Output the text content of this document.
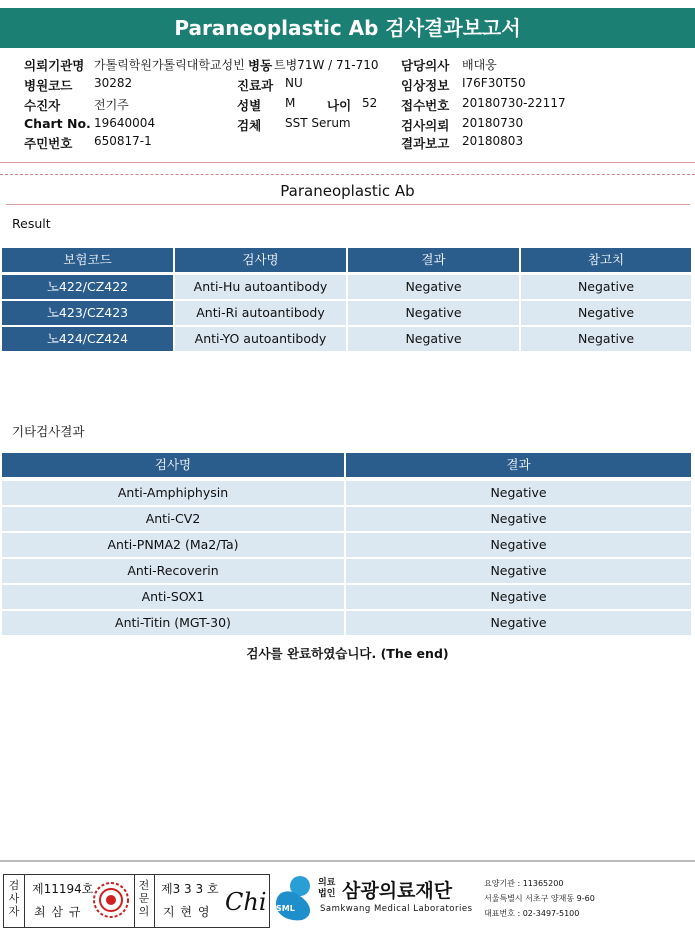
Paraneoplastic Ab 검사결과보고서
의뢰기관명 가톨릭학원가톨릭대학교성빈 병동 트병71W / 71-710 담당의사 배대웅
병원코드 30282	진료과 NU	임상정보 I76F30T50
수진자	전기주	성별 M	나이 52 접수번호 20180730-22117
Chart No. 19640004	검체 SST Serum	검사의뢰 20180730
주민번호 650817-1	결과보고 20180803
Paraneoplastic Ab
Result
보험코드	검사명	결과	참고치
노422/CZ422	Anti-Hu autoantibody	Negative	Negative
노423/CZ423	Anti-Ri autoantibody	Negative	Negative
노424/CZ424	Anti-YO autoantibody	Negative	Negative
기타검사결과
검사명	결과
Anti-Amphiphysin	Negative
Anti-CV2	Negative
Anti-PNMA2 (Ma2/Ta)	Negative
Anti-Recoverin	Negative
Anti-SOX1	Negative
Anti-Titin (MGT-30)	Negative
검사를 완료하였습니다. (The end)
검사자
제11194호
최 삼 규
전문의
제3 3 3 호
지 현 영 Chi SML
의료법인 삼광의료재단
Samkwang Medical Laboratories
요양기관 : 11365200
서울특별시 서초구 양재동 9-60
대표번호 : 02-3497-5100
